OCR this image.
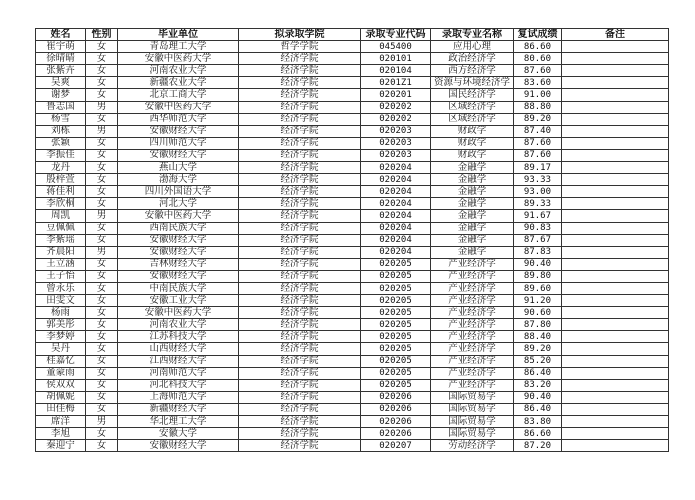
姓名	性别	毕业单位	拟录取学院	录取专业代码	录取专业名称	复试成绩	备注
崔宇萌	女	青岛理工大学	哲学学院	045400	应用心理	86.60	
徐晴晴	女	安徽中医药大学	经济学院	020101	政治经济学	80.60	
张紫卉	女	河南农业大学	经济学院	020104	西方经济学	87.60	
吴爽	女	新疆农业大学	经济学院	0201Z1	资源与环境经济学	83.60	
谢梦	女	北京工商大学	经济学院	020201	国民经济学	91.00	
鲁志国	男	安徽中医药大学	经济学院	020202	区域经济学	88.80	
杨雪	女	西华师范大学	经济学院	020202	区域经济学	89.20	
刘栋	男	安徽财经大学	经济学院	020203	财政学	87.40	
张颖	女	四川师范大学	经济学院	020203	财政学	87.60	
李振佳	女	安徽财经大学	经济学院	020203	财政学	87.60	
龙丹	女	燕山大学	经济学院	020204	金融学	89.17	
殷梓萱	女	渤海大学	经济学院	020204	金融学	93.33	
蒋佳利	女	四川外国语大学	经济学院	020204	金融学	93.00	
李欣桐	女	河北大学	经济学院	020204	金融学	89.33	
周凯	男	安徽中医药大学	经济学院	020204	金融学	91.67	
豆佩佩	女	西南民族大学	经济学院	020204	金融学	90.83	
李紫瑶	女	安徽财经大学	经济学院	020204	金融学	87.67	
齐晨阳	男	安徽财经大学	经济学院	020204	金融学	87.83	
王立涵	女	吉林财经大学	经济学院	020205	产业经济学	90.40	
王子怡	女	安徽财经大学	经济学院	020205	产业经济学	89.80	
曾永乐	女	中南民族大学	经济学院	020205	产业经济学	89.60	
田雯文	女	安徽工业大学	经济学院	020205	产业经济学	91.20	
杨雨	女	安徽中医药大学	经济学院	020205	产业经济学	90.60	
郭美彤	女	河南农业大学	经济学院	020205	产业经济学	87.80	
李梦婷	女	江苏科技大学	经济学院	020205	产业经济学	88.40	
吴丹	女	山西财经大学	经济学院	020205	产业经济学	89.20	
桂嘉忆	女	江西财经大学	经济学院	020205	产业经济学	85.20	
董蒙雨	女	河南师范大学	经济学院	020205	产业经济学	86.40	
侯双双	女	河北科技大学	经济学院	020205	产业经济学	83.20	
胡佩妮	女	上海师范大学	经济学院	020206	国际贸易学	90.40	
田佳梅	女	新疆财经大学	经济学院	020206	国际贸易学	86.40	
席洋	男	华北理工大学	经济学院	020206	国际贸易学	83.80	
李旭	女	安徽大学	经济学院	020206	国际贸易学	86.60	
秦迎宁	女	安徽财经大学	经济学院	020207	劳动经济学	87.20	
